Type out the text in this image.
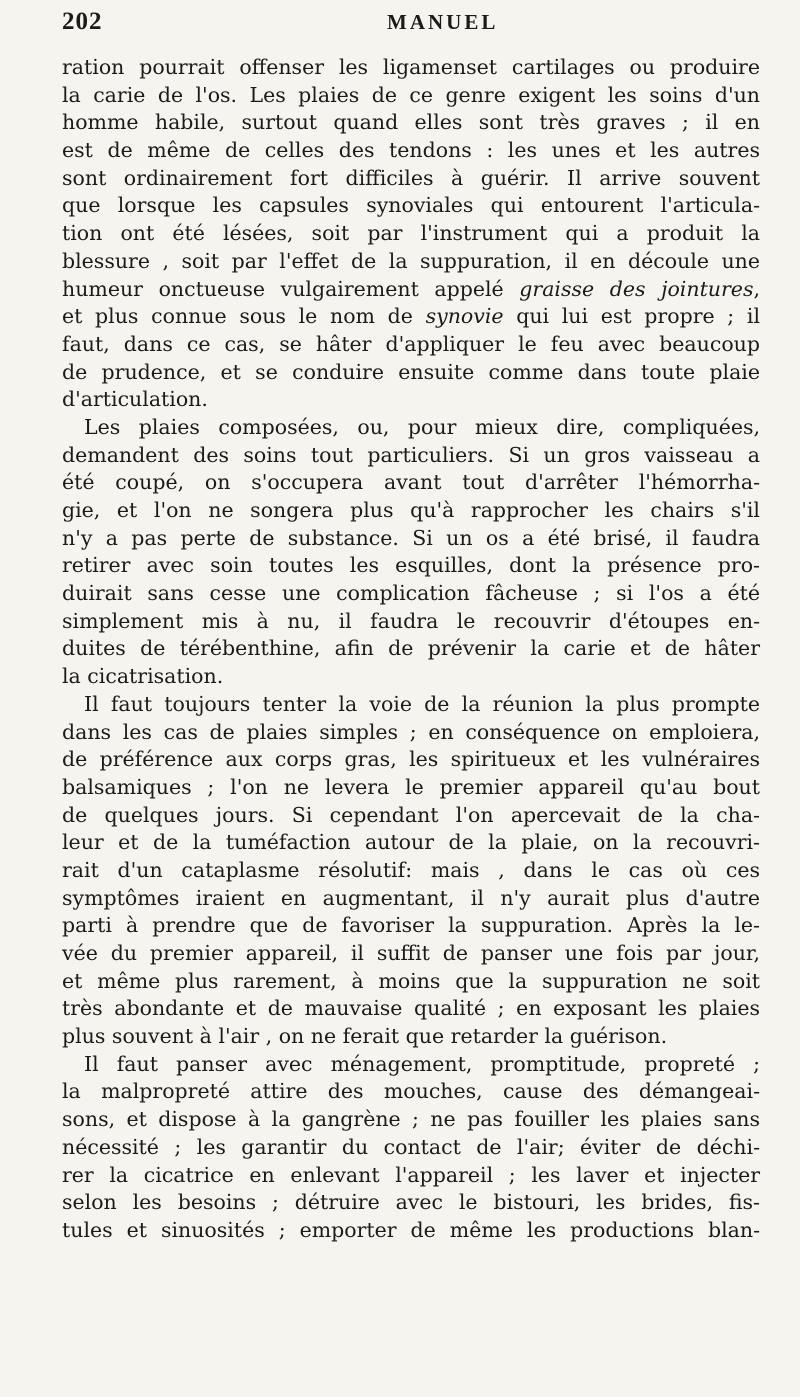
202	MANUEL
ration pourrait offenser les ligamenset cartilages ou produire
la carie de l'os. Les plaies de ce genre exigent les soins d'un
homme habile, surtout quand elles sont très graves ; il en
est de même de celles des tendons : les unes et les autres
sont ordinairement fort difficiles à guérir. Il arrive souvent
que lorsque les capsules synoviales qui entourent l'articula-
tion ont été lésées, soit par l'instrument qui a produit la
blessure , soit par l'effet de la suppuration, il en découle une
humeur onctueuse vulgairement appelé graisse des jointures,
et plus connue sous le nom de synovie qui lui est propre ; il
faut, dans ce cas, se hâter d'appliquer le feu avec beaucoup
de prudence, et se conduire ensuite comme dans toute plaie
d'articulation.
Les plaies composées, ou, pour mieux dire, compliquées,
demandent des soins tout particuliers. Si un gros vaisseau a
été coupé, on s'occupera avant tout d'arrêter l'hémorrha-
gie, et l'on ne songera plus qu'à rapprocher les chairs s'il
n'y a pas perte de substance. Si un os a été brisé, il faudra
retirer avec soin toutes les esquilles, dont la présence pro-
duirait sans cesse une complication fâcheuse ; si l'os a été
simplement mis à nu, il faudra le recouvrir d'étoupes en-
duites de térébenthine, afin de prévenir la carie et de hâter
la cicatrisation.
Il faut toujours tenter la voie de la réunion la plus prompte
dans les cas de plaies simples ; en conséquence on emploiera,
de préférence aux corps gras, les spiritueux et les vulnéraires
balsamiques ; l'on ne levera le premier appareil qu'au bout
de quelques jours. Si cependant l'on apercevait de la cha-
leur et de la tuméfaction autour de la plaie, on la recouvri-
rait d'un cataplasme résolutif: mais , dans le cas où ces
symptômes iraient en augmentant, il n'y aurait plus d'autre
parti à prendre que de favoriser la suppuration. Après la le-
vée du premier appareil, il suffit de panser une fois par jour,
et même plus rarement, à moins que la suppuration ne soit
très abondante et de mauvaise qualité ; en exposant les plaies
plus souvent à l'air , on ne ferait que retarder la guérison.
Il faut panser avec ménagement, promptitude, propreté ;
la malpropreté attire des mouches, cause des démangeai-
sons, et dispose à la gangrène ; ne pas fouiller les plaies sans
nécessité ; les garantir du contact de l'air; éviter de déchi-
rer la cicatrice en enlevant l'appareil ; les laver et injecter
selon les besoins ; détruire avec le bistouri, les brides, fis-
tules et sinuosités ; emporter de même les productions blan-
